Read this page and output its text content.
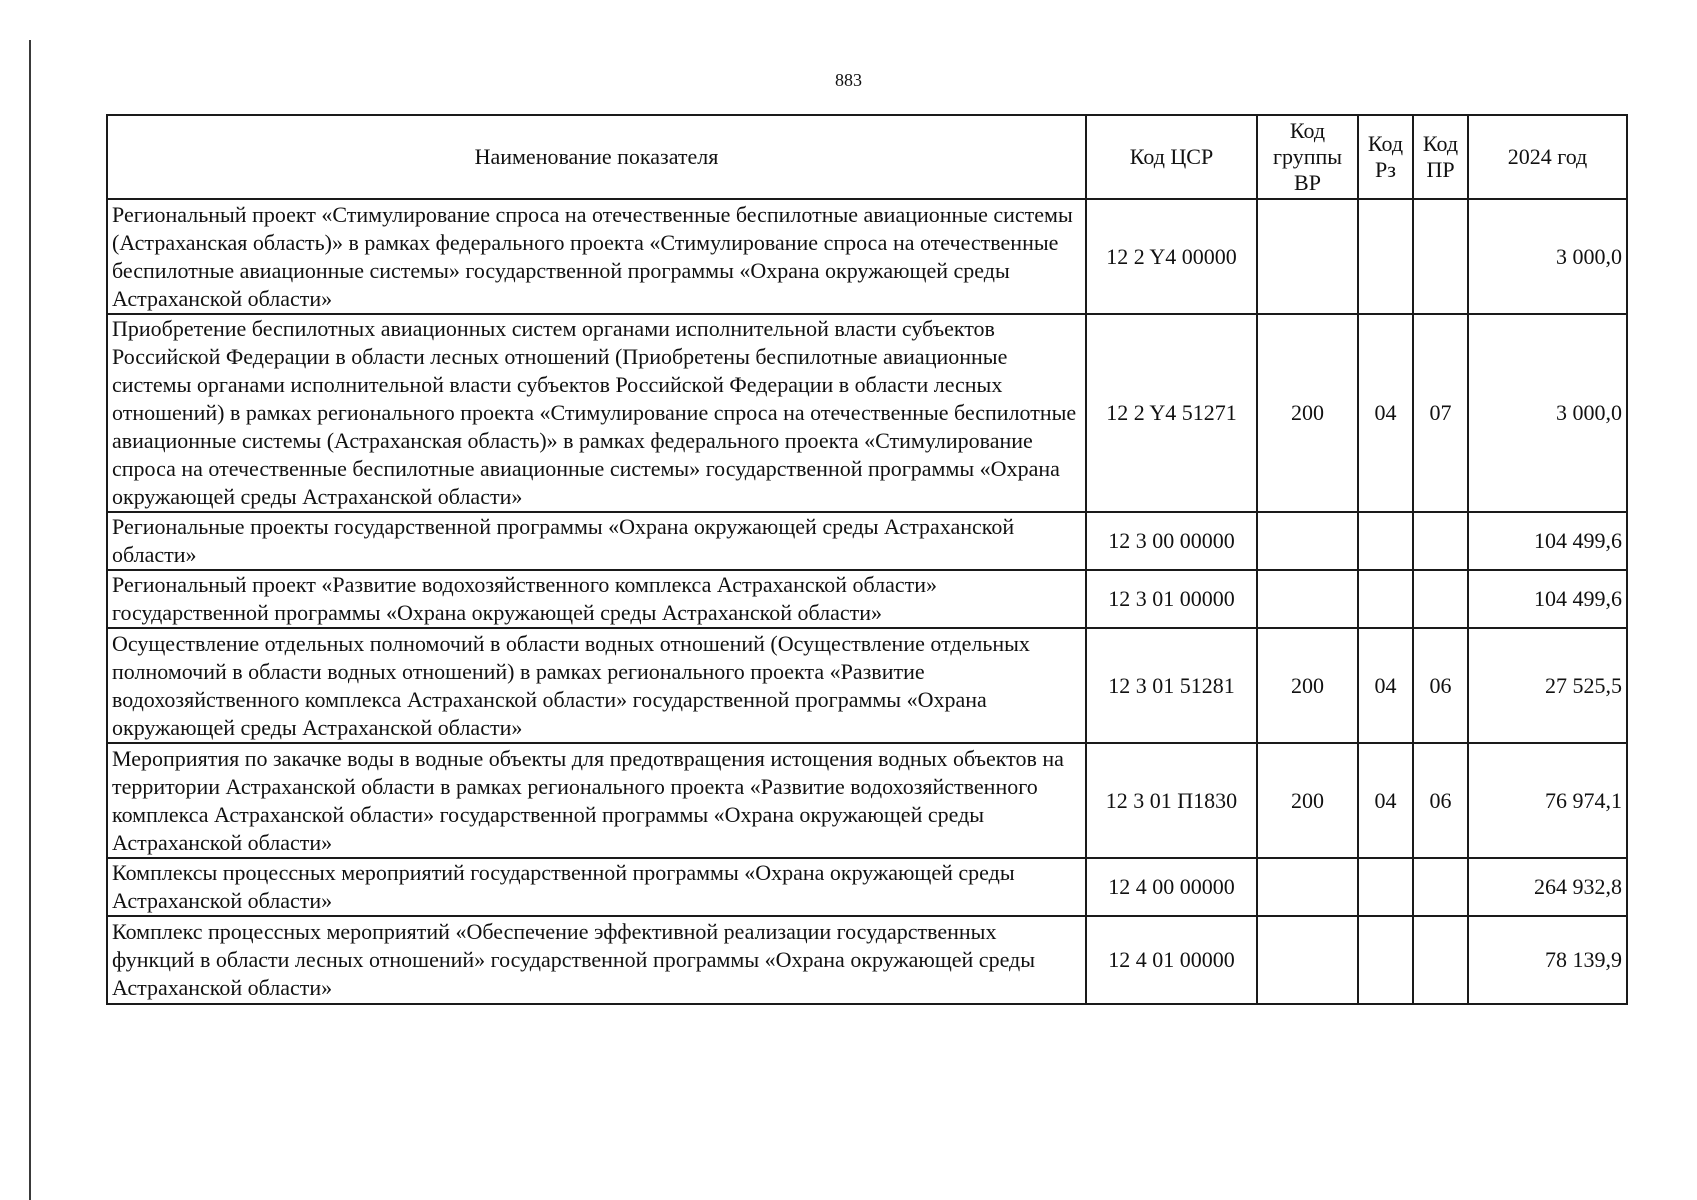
883
Наименование показателя	Код ЦСР	Код группы ВР	Код Рз	Код ПР	2024 год
Региональный проект «Стимулирование спроса на отечественные беспилотные авиационные системы (Астраханская область)» в рамках федерального проекта «Стимулирование спроса на отечественные беспилотные авиационные системы» государственной программы «Охрана окружающей среды Астраханской области»	12 2 Y4 00000				3 000,0
Приобретение беспилотных авиационных систем органами исполнительной власти субъектов Российской Федерации в области лесных отношений (Приобретены беспилотные авиационные системы органами исполнительной власти субъектов Российской Федерации в области лесных отношений) в рамках регионального проекта «Стимулирование спроса на отечественные беспилотные авиационные системы (Астраханская область)» в рамках федерального проекта «Стимулирование спроса на отечественные беспилотные авиационные системы» государственной программы «Охрана окружающей среды Астраханской области»	12 2 Y4 51271	200	04	07	3 000,0
Региональные проекты государственной программы «Охрана окружающей среды Астраханской области»	12 3 00 00000				104 499,6
Региональный проект «Развитие водохозяйственного комплекса Астраханской области» государственной программы «Охрана окружающей среды Астраханской области»	12 3 01 00000				104 499,6
Осуществление отдельных полномочий в области водных отношений (Осуществление отдельных полномочий в области водных отношений) в рамках регионального проекта «Развитие водохозяйственного комплекса Астраханской области» государственной программы «Охрана окружающей среды Астраханской области»	12 3 01 51281	200	04	06	27 525,5
Мероприятия по закачке воды в водные объекты для предотвращения истощения водных объектов на территории Астраханской области в рамках регионального проекта «Развитие водохозяйственного комплекса Астраханской области» государственной программы «Охрана окружающей среды Астраханской области»	12 3 01 П1830	200	04	06	76 974,1
Комплексы процессных мероприятий государственной программы «Охрана окружающей среды Астраханской области»	12 4 00 00000				264 932,8
Комплекс процессных мероприятий «Обеспечение эффективной реализации государственных функций в области лесных отношений» государственной программы «Охрана окружающей среды Астраханской области»	12 4 01 00000				78 139,9
